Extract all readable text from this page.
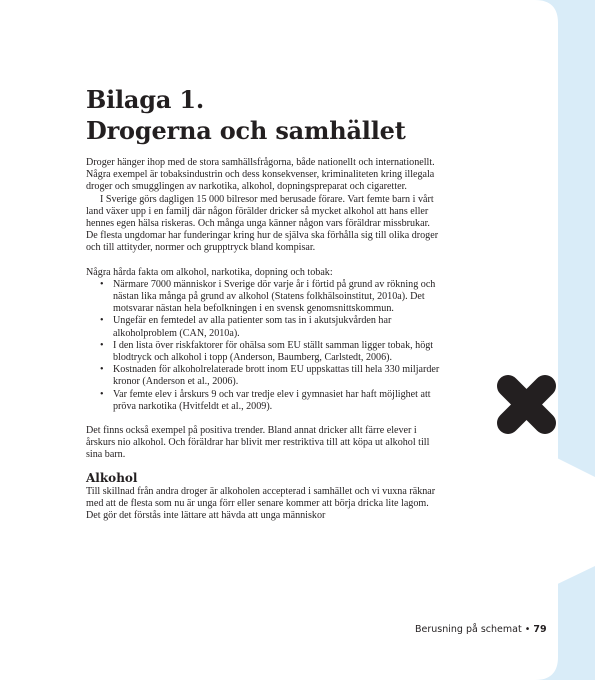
Bilaga 1.
Drogerna och samhället

Droger hänger ihop med de stora samhällsfrågorna, både nationellt och internationellt. Några exempel är tobaksindustrin och dess konsekvenser, kriminaliteten kring illegala droger och smugglingen av narkotika, alkohol, dopningspreparat och cigaretter.

I Sverige görs dagligen 15 000 bilresor med berusade förare. Vart femte barn i vårt land växer upp i en familj där någon förälder dricker så mycket alkohol att hans eller hennes egen hälsa riskeras. Och många unga känner någon vars föräldrar missbrukar. De flesta ungdomar har funderingar kring hur de själva ska förhålla sig till olika droger och till attityder, normer och grupptryck bland kompisar.

Några hårda fakta om alkohol, narkotika, dopning och tobak:

• Närmare 7000 människor i Sverige dör varje år i förtid på grund av rökning och nästan lika många på grund av alkohol (Statens folkhälsoinstitut, 2010a). Det motsvarar nästan hela befolkningen i en svensk genomsnittskommun.
• Ungefär en femtedel av alla patienter som tas in i akutsjukvården har alkoholproblem (CAN, 2010a).
• I den lista över riskfaktorer för ohälsa som EU ställt samman ligger tobak, högt blodtryck och alkohol i topp (Anderson, Baumberg, Carlstedt, 2006).
• Kostnaden för alkoholrelaterade brott inom EU uppskattas till hela 330 miljarder kronor (Anderson et al., 2006).
• Var femte elev i årskurs 9 och var tredje elev i gymnasiet har haft möjlighet att pröva narkotika (Hvitfeldt et al., 2009).

Det finns också exempel på positiva trender. Bland annat dricker allt färre elever i årskurs nio alkohol. Och föräldrar har blivit mer restriktiva till att köpa ut alkohol till sina barn.

Alkohol

Till skillnad från andra droger är alkoholen accepterad i samhället och vi vuxna räknar med att de flesta som nu är unga förr eller senare kommer att börja dricka lite lagom. Det gör det förstås inte lättare att hävda att unga människor

Berusning på schemat • 79
